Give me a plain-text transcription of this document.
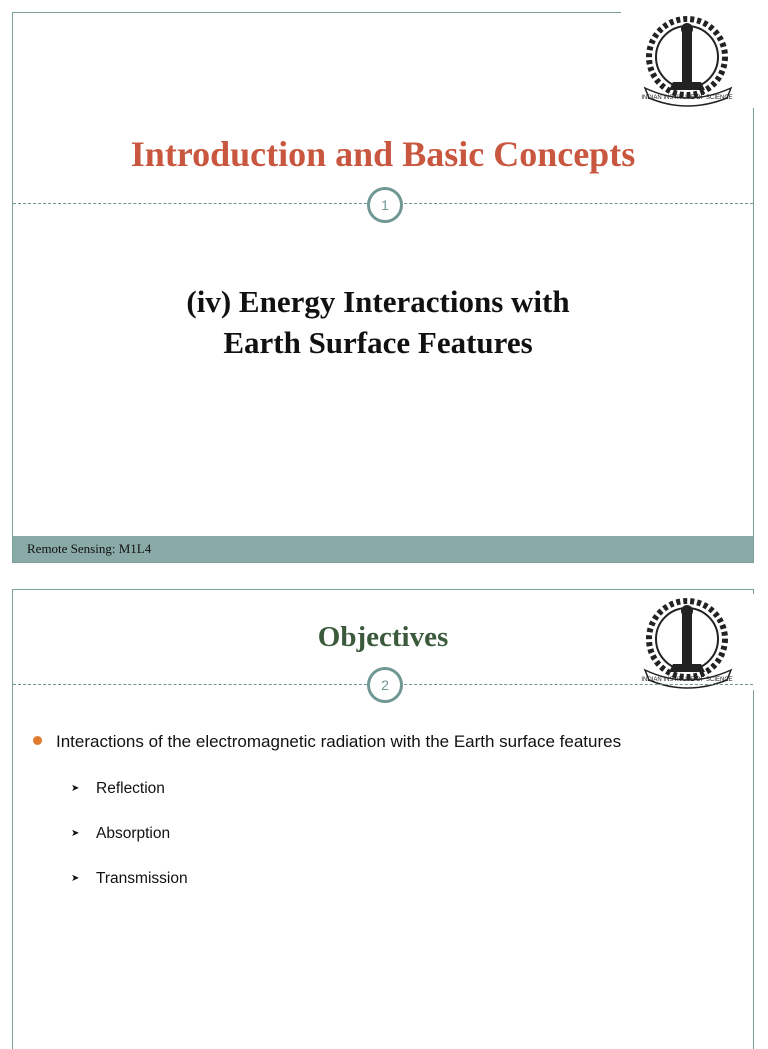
INDIAN INSTITUTE OF SCIENCE
Introduction and Basic Concepts
1
(iv) Energy Interactions with
Earth Surface Features
Remote Sensing: M1L4
INDIAN INSTITUTE OF SCIENCE
Objectives
2
Interactions of the electromagnetic radiation with the Earth surface features
➤	Reflection
➤	Absorption
➤	Transmission
